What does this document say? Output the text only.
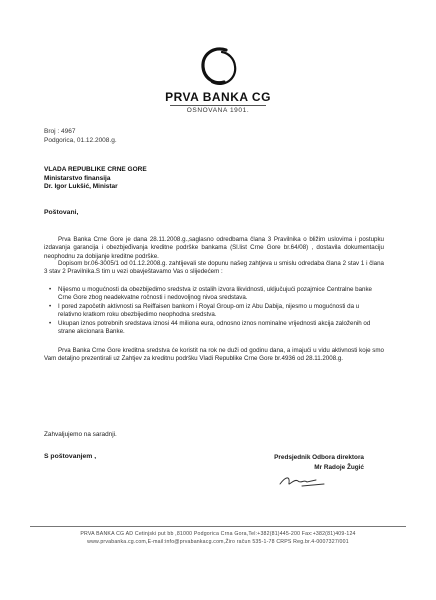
PRVA BANKA CG
OSNOVANA 1901.
Broj : 4967
Podgorica, 01.12.2008.g.
VLADA REPUBLIKE CRNE GORE
Ministarstvo finansija
Dr. Igor Lukšić, Ministar
Poštovani,
Prva Banka Crne Gore je dana 28.11.2008.g.,saglasno odredbama člana 3 Pravilnika o bližim uslovima i postupku izdavanja garancija i obezbjeđivanja kreditne podrške bankama (Sl.list Crne Gore br.64/08) , dostavila dokumentaciju neophodnu za dobijanje kreditne podrške.
Dopisom br.06-3005/1 od 01.12.2008.g. zahtijevali ste dopunu našeg zahtjeva u smislu odredaba člana 2 stav 1 i člana 3 stav 2 Pravilnika.S tim u vezi obavještavamo Vas o slijedećem :
• Nijesmo u mogućnosti da obezbijedimo sredstva iz ostalih izvora likvidnosti, uključujući pozajmice Centralne banke Crne Gore zbog neadekvatne ročnosti i nedovoljnog nivoa sredstava.
• I pored započetih aktivnosti sa Reiffaisen bankom i Royal Group-om iz Abu Dabija, nijesmo u mogućnosti da u relativno kratkom roku obezbijedimo neophodna sredstva.
• Ukupan iznos potrebnih sredstava iznosi 44 miliona eura, odnosno iznos nominalne vrijednosti akcija založenih od strane akcionara Banke.
Prva Banka Crne Gore kreditna sredstva će koristit na rok ne duži od godinu dana, a imajući u vidu aktivnosti koje smo Vam detaljno prezentirali uz Zahtjev za kreditnu podršku Vladi Republike Crne Gore br.4936 od 28.11.2008.g.
Zahvaljujemo na saradnji.
S poštovanjem ,	Predsjednik Odbora direktora
Mr Radoje Žugić
PRVA BANKA CG AD Cetinjski put bb ,81000 Podgorica Crna Gora,Tel:+382(81)445-200 Fax:+382(81)409-124
www.prvabanka.cg.com,E-mail:info@prvabankacg.com,Žiro račun 535-1-78 CRPS Reg.br.4-0007327/001
